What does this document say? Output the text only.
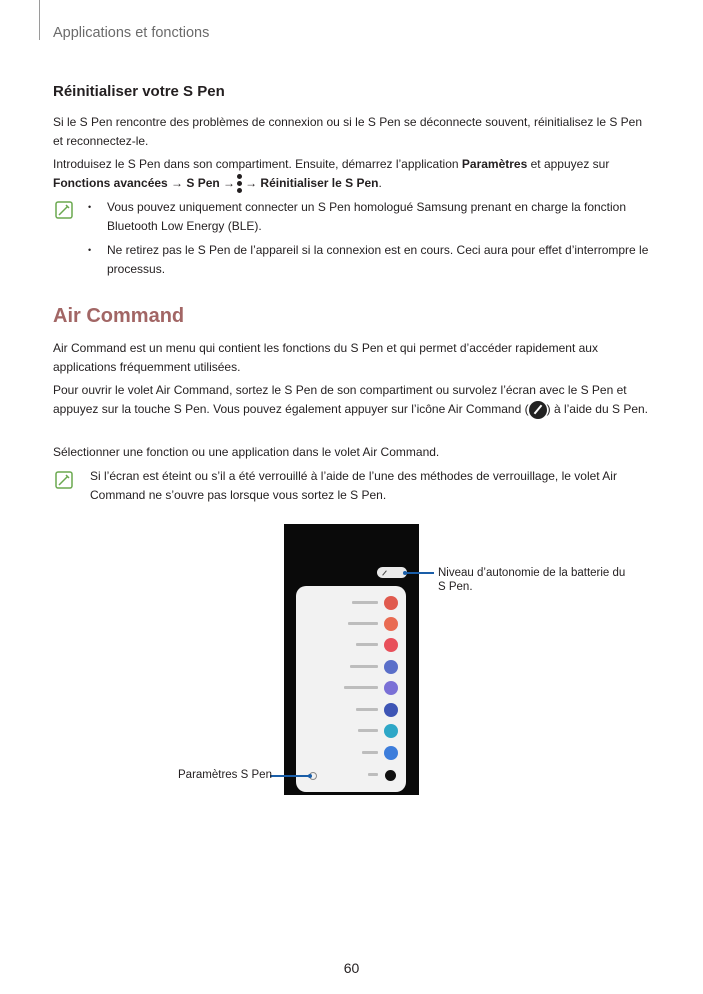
Applications et fonctions
Réinitialiser votre S Pen
Si le S Pen rencontre des problèmes de connexion ou si le S Pen se déconnecte souvent, réinitialisez le S Pen et reconnectez-le.
Introduisez le S Pen dans son compartiment. Ensuite, démarrez l’application Paramètres et appuyez sur
Fonctions avancées → S Pen → → Réinitialiser le S Pen.
• Vous pouvez uniquement connecter un S Pen homologué Samsung prenant en charge la fonction Bluetooth Low Energy (BLE).
• Ne retirez pas le S Pen de l’appareil si la connexion est en cours. Ceci aura pour effet d’interrompre le processus.
Air Command
Air Command est un menu qui contient les fonctions du S Pen et qui permet d’accéder rapidement aux applications fréquemment utilisées.
Pour ouvrir le volet Air Command, sortez le S Pen de son compartiment ou survolez l’écran avec le S Pen et appuyez sur la touche S Pen. Vous pouvez également appuyer sur l’icône Air Command ( ) à l’aide du S Pen.
Sélectionner une fonction ou une application dans le volet Air Command.
Si l’écran est éteint ou s’il a été verrouillé à l’aide de l’une des méthodes de verrouillage, le volet Air Command ne s’ouvre pas lorsque vous sortez le S Pen.
Niveau d’autonomie de la batterie du S Pen.
Paramètres S Pen
60
